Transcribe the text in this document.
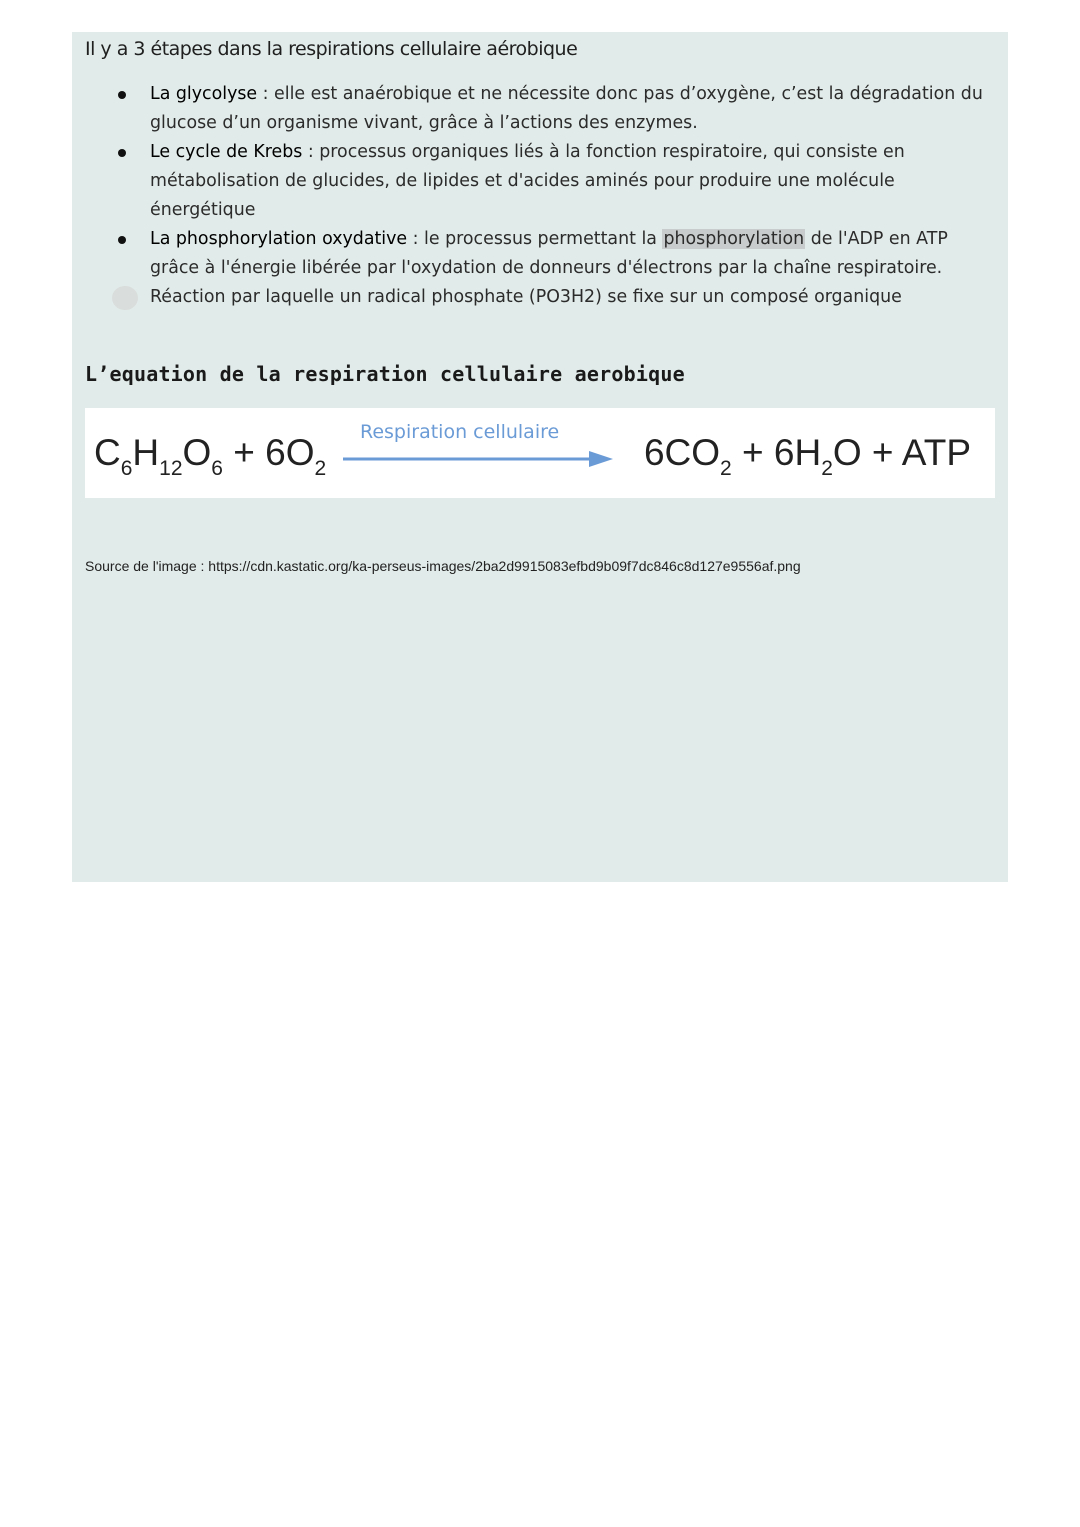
Il y a 3 étapes dans la respirations cellulaire aérobique
La glycolyse : elle est anaérobique et ne nécessite donc pas d’oxygène, c’est la dégradation du glucose d’un organisme vivant, grâce à l’actions des enzymes.
Le cycle de Krebs : processus organiques liés à la fonction respiratoire, qui consiste en métabolisation de glucides, de lipides et d'acides aminés pour produire une molécule énergétique
La phosphorylation oxydative : le processus permettant la phosphorylation de l'ADP en ATP grâce à l'énergie libérée par l'oxydation de donneurs d'électrons par la chaîne respiratoire.
Réaction par laquelle un radical phosphate (PO3H2) se fixe sur un composé organique
L’equation de la respiration cellulaire aerobique
$C_6H_{12}O_6 + 6O_2$
Respiration cellulaire $6CO_2 + 6H_2O$ + ATP
Source de l'image : https://cdn.kastatic.org/ka-perseus-images/2ba2d9915083efbd9b09f7dc846c8d127e9556af.png
